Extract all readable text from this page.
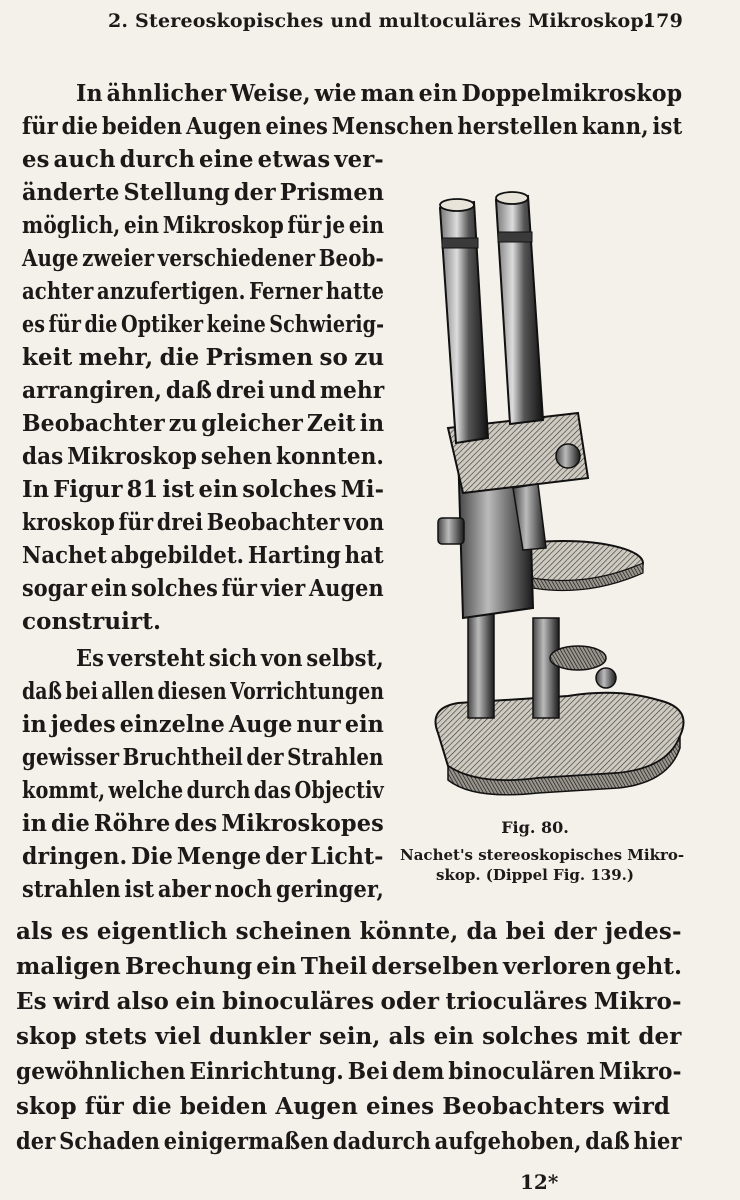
2. Stereoskopisches und multoculäres Mikroskop.
179
In ähnlicher Weise, wie man ein Doppelmikroskop
für die beiden Augen eines Menschen herstellen kann, ist
es auch durch eine etwas ver-
änderte Stellung der Prismen
möglich, ein Mikroskop für je ein
Auge zweier verschiedener Beob-
achter anzufertigen. Ferner hatte
es für die Optiker keine Schwierig-
keit mehr, die Prismen so zu
arrangiren, daß drei und mehr
Beobachter zu gleicher Zeit in
das Mikroskop sehen konnten.
In Figur 81 ist ein solches Mi-
kroskop für drei Beobachter von
Nachet abgebildet. Harting hat
sogar ein solches für vier Augen
construirt.
Es versteht sich von selbst,
daß bei allen diesen Vorrichtungen
in jedes einzelne Auge nur ein
gewisser Bruchtheil der Strahlen
kommt, welche durch das Objectiv
in die Röhre des Mikroskopes
dringen. Die Menge der Licht-
strahlen ist aber noch geringer,
als es eigentlich scheinen könnte, da bei der jedes-
maligen Brechung ein Theil derselben verloren geht.
Es wird also ein binoculäres oder trioculäres Mikro-
skop stets viel dunkler sein, als ein solches mit der
gewöhnlichen Einrichtung. Bei dem binoculären Mikro-
skop für die beiden Augen eines Beobachters wird
der Schaden einigermaßen dadurch aufgehoben, daß hier
Fig. 80.
Nachet's stereoskopisches Mikro-
skop. (Dippel Fig. 139.)
12*
